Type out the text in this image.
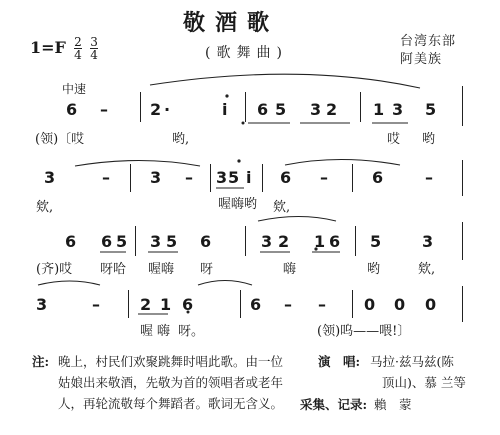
敬酒歌
(歌舞曲)
台湾东部
阿美族
$1=F \frac{2}{4}$
$\frac{3}{4}$
中速
6 –	2 ·	i 6 5 3 2 1 3 5
(领)〔哎	哟,	哎 哟
3	–	3 – 3 5 i 6 –	6	–
欸,	喔嗨哟 欸,
6 6 5 3 5 6	3 2 1 6 5	3
(齐)哎 呀哈 喔嗨 呀	嗨	哟	欸,
3	–	2 1 6	6 – – 0 0 0
喔 嗨 呀。	(领)呜——喂!〕
注: 晚上，村民们欢聚跳舞时唱此歌。由一位
姑娘出来敬酒，先敬为首的领唱者或老年
人，再轮流敬每个舞蹈者。歌词无含义。
演　唱: 马拉·兹马兹(陈
顶山)、慕 兰等
采集、记录: 賴　蒙
